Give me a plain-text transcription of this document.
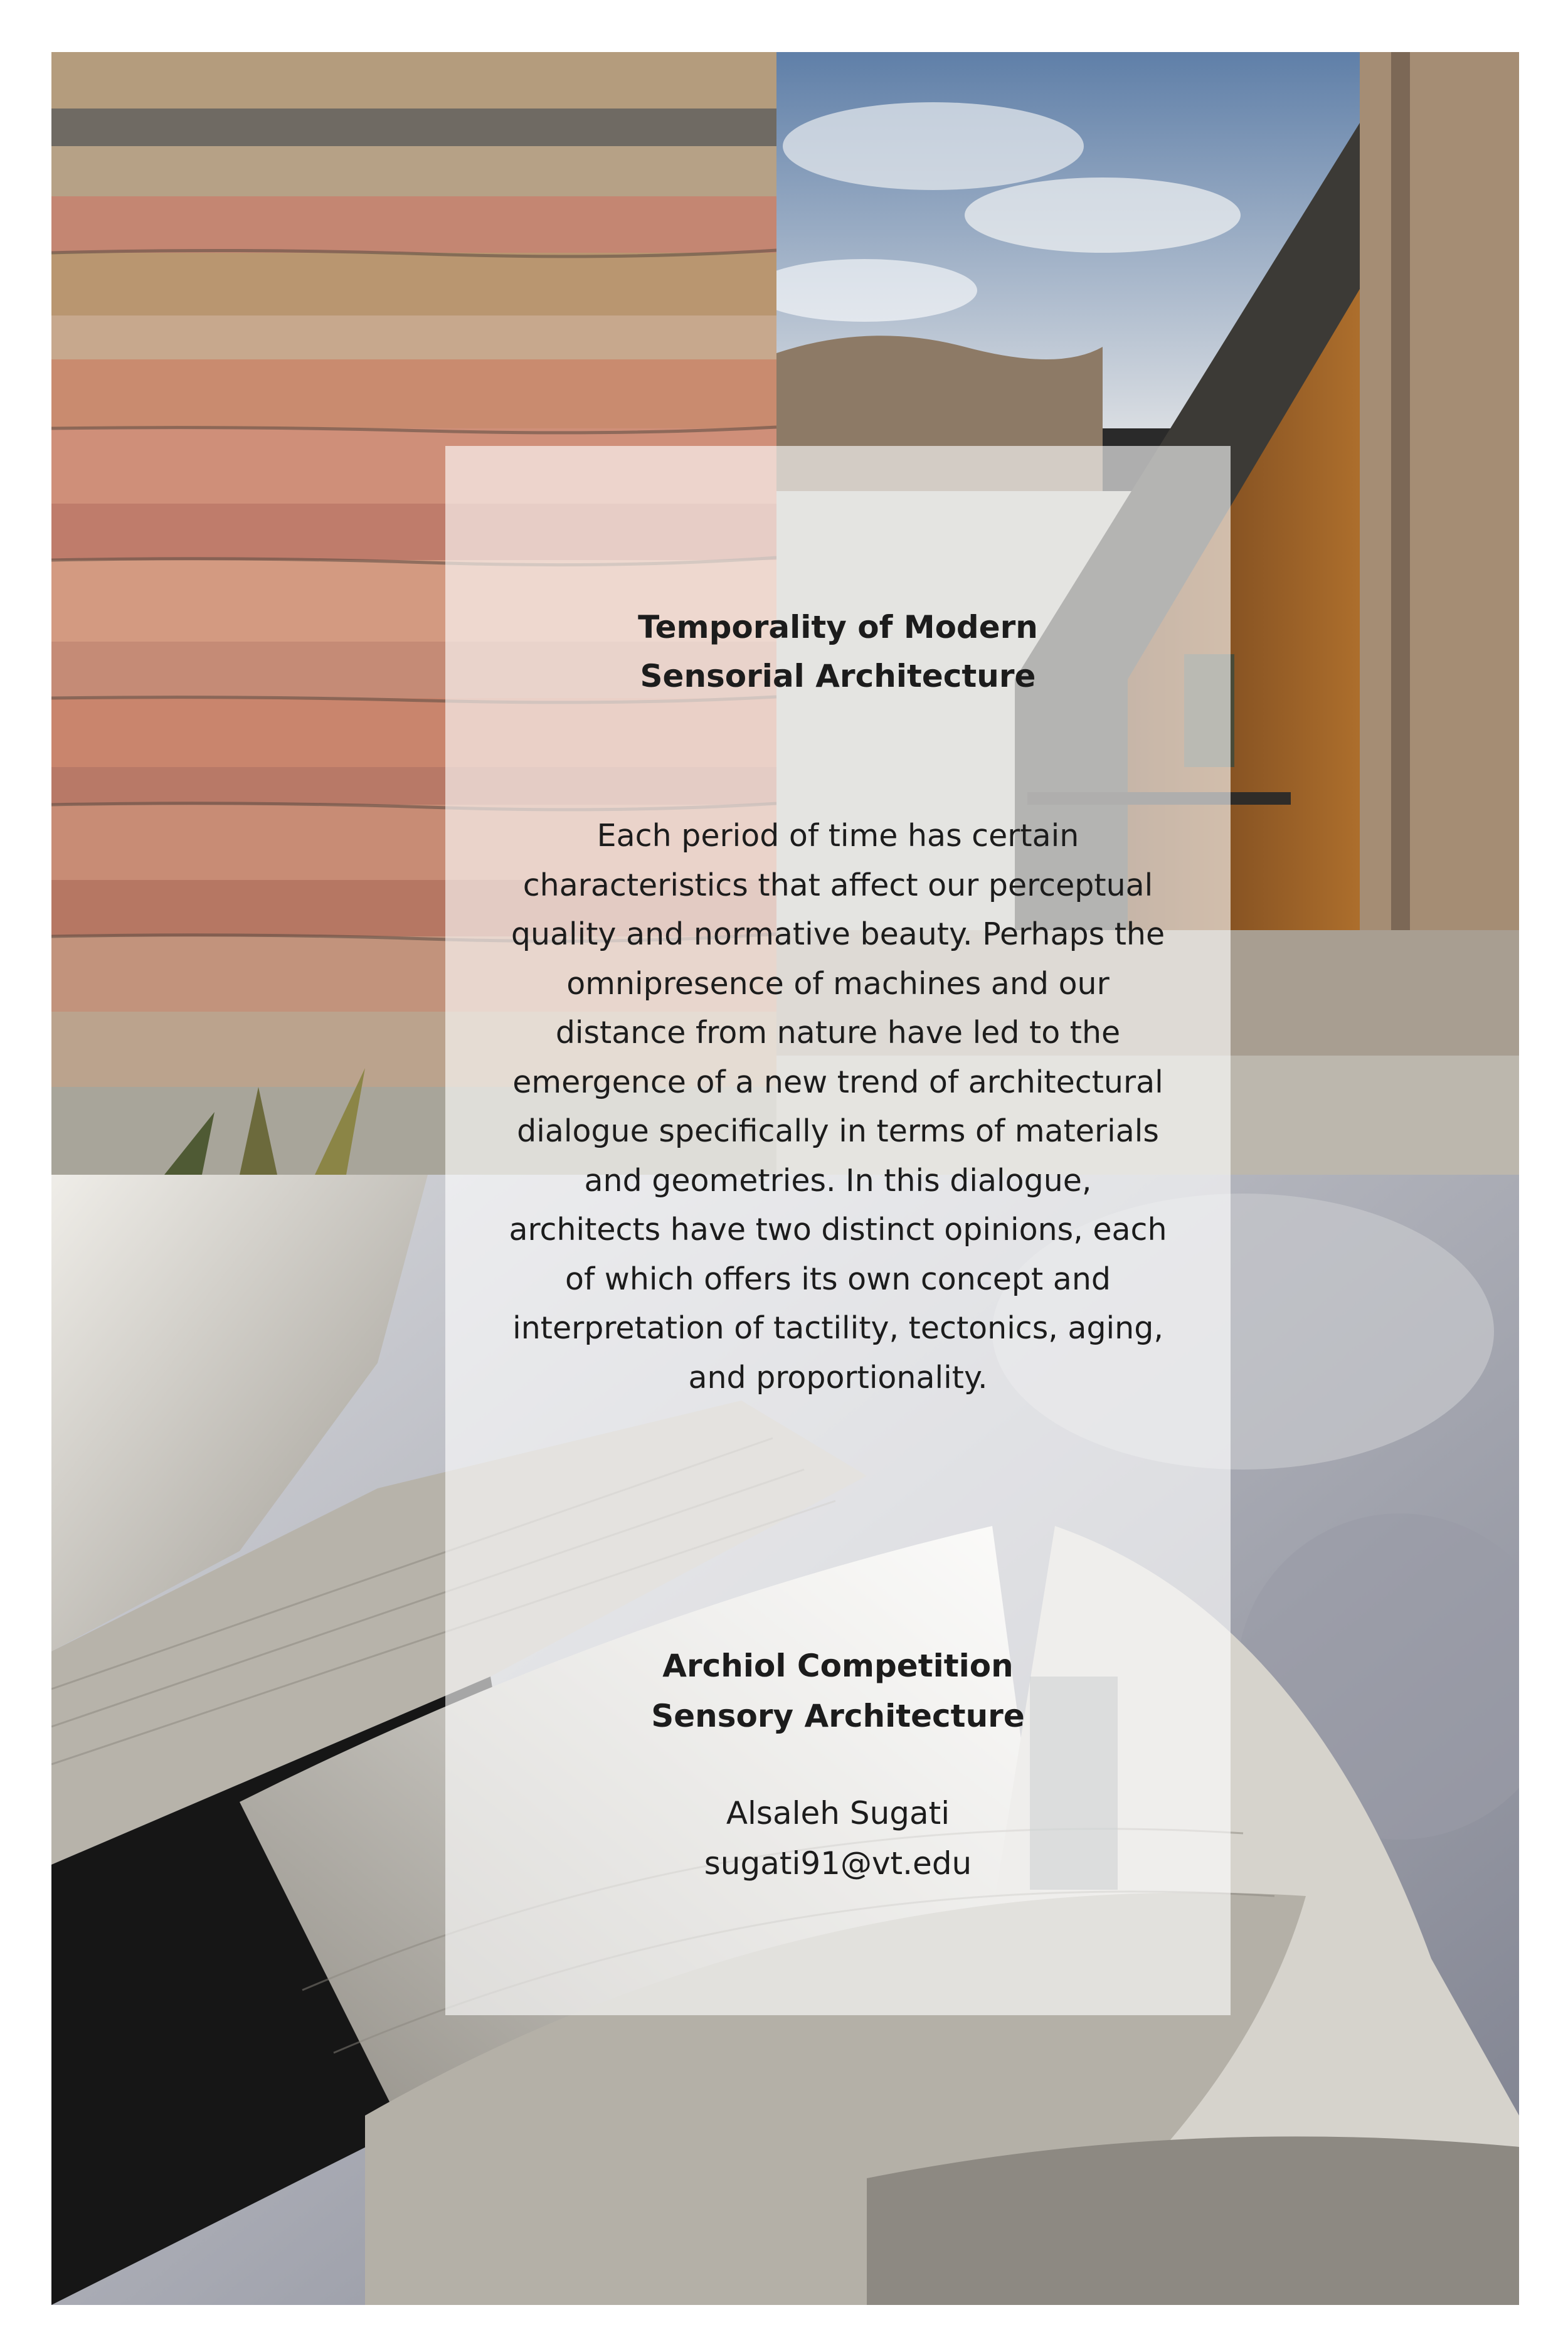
Temporality of Modern
Sensorial Architecture
Each period of time has certain characteristics that affect our perceptual quality and normative beauty. Perhaps the omnipresence of machines and our distance from nature have led to the emergence of a new trend of architectural dialogue specifically in terms of materials and geometries. In this dialogue, architects have two distinct opinions, each of which offers its own concept and interpretation of tactility, tectonics, aging, and proportionality.
Archiol Competition
Sensory Architecture
Alsaleh Sugati
sugati91@vt.edu
